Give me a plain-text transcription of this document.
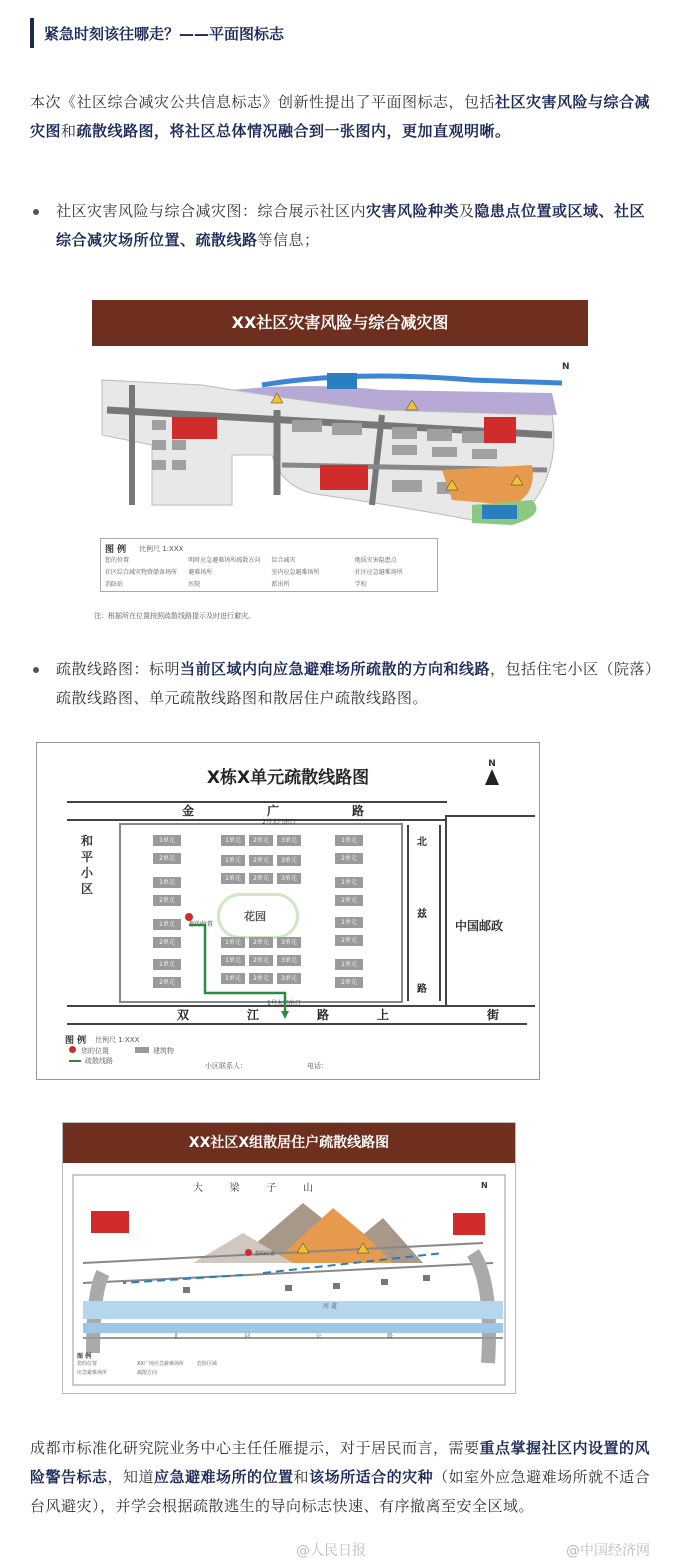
紧急时刻该往哪走？——平面图标志
本次《社区综合减灾公共信息标志》创新性提出了平面图标志，包括社区灾害风险与综合减灾图和疏散线路图，将社区总体情况融合到一张图内，更加直观明晰。
社区灾害风险与综合减灾图：综合展示社区内灾害风险种类及隐患点位置或区域、社区综合减灾场所位置、疏散线路等信息；
XX社区灾害风险与综合减灾图
N
图 例 比例尺 1:XXX
您的位置	明时应急避难场所疏散方向	综合减灾	地质灾害隐患点
社区综合减灾物资储备场所	避难场所	室内应急避难场所	社区应急避难场所
消防站	医院	派出所	学校
注：根据所在位置按照疏散线路提示及时进行避灾。
疏散线路图：标明当前区域内向应急避难场所疏散的方向和线路，包括住宅小区（院落）疏散线路图、单元疏散线路图和散居住户疏散线路图。
X栋X单元疏散线路图
N
金	广	路
双	江	路	上	街
和
平
小
区
北
兹
路
中国邮政
2号大门出口
1号大门出口
花园
1单元
2单元
1单元
2单元
1单元
2单元
1单元
2单元
1单元	2单元	3单元
1单元	2单元	3单元
1单元	2单元	3单元
1单元	2单元	3单元
1单元	2单元	3单元
1单元	2单元	3单元
1单元
2单元
1单元
2单元
1单元
2单元
1单元
2单元
您的位置
图 例 比例尺 1:XXX
您的位置	建筑物
疏散线路
小区联系人：	电话：
XX社区X组散居住户疏散线路图
大	梁	子	山	N
您的位置
河 道
北	河	公	路
图 例
您的位置	XX广场应急避难场所	危险区域
应急避难场所	疏散方向
成都市标准化研究院业务中心主任任雁提示，对于居民而言，需要重点掌握社区内设置的风险警告标志，知道应急避难场所的位置和该场所适合的灾种（如室外应急避难场所就不适合台风避灾），并学会根据疏散逃生的导向标志快速、有序撤离至安全区域。
@人民日报	@中国经济网
